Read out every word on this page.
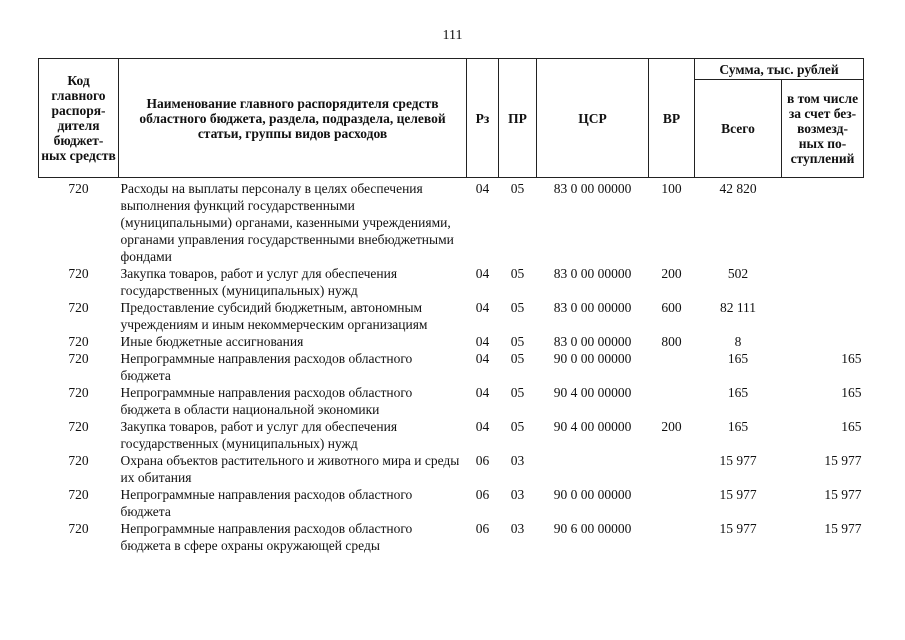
111
Код главного распоря- дителя бюджет- ных средств	Наименование главного распорядителя средств областного бюджета, раздела, подраздела, целевой статьи, группы видов расходов	Рз	ПР	ЦСР	ВР	Сумма, тыс. рублей	
						Всего	в том числе за счет без- возмезд- ных по- ступлений
720	Расходы на выплаты персоналу в целях обеспечения выполнения функций государственными (муниципальными) органами, казенными учреждениями, органами управления государственными внебюджетными фондами	04	05	83 0 00 00000	100	42 820	
720	Закупка товаров, работ и услуг для обеспечения государственных (муниципальных) нужд	04	05	83 0 00 00000	200	502	
720	Предоставление субсидий бюджетным, автономным учреждениям и иным некоммерческим организациям	04	05	83 0 00 00000	600	82 111	
720	Иные бюджетные ассигнования	04	05	83 0 00 00000	800	8	
720	Непрограммные направления расходов областного бюджета	04	05	90 0 00 00000		165	165
720	Непрограммные направления расходов областного бюджета в области национальной экономики	04	05	90 4 00 00000		165	165
720	Закупка товаров, работ и услуг для обеспечения государственных (муниципальных) нужд	04	05	90 4 00 00000	200	165	165
720	Охрана объектов растительного и животного мира и среды их обитания	06	03			15 977	15 977
720	Непрограммные направления расходов областного бюджета	06	03	90 0 00 00000		15 977	15 977
720	Непрограммные направления расходов областного бюджета в сфере охраны окружающей среды	06	03	90 6 00 00000		15 977	15 977
